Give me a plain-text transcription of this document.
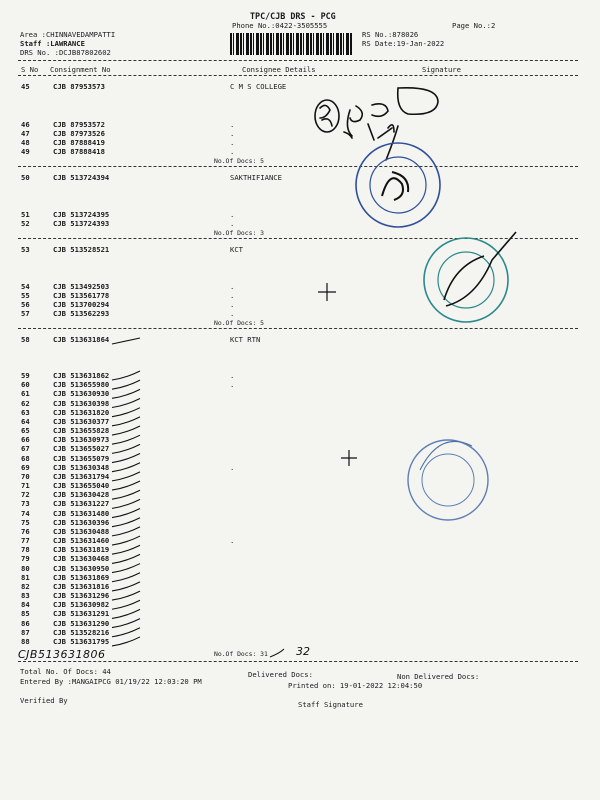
TPC/CJB DRS - PCG
Phone No.:0422-3505555	Page No.:2
Area :CHINNAVEDAMPATTI
Staff :LAWRANCE
DRS No. :DCJB87802602
RS No.:878026
RS Date:19-Jan-2022
S No Consignment No	Consignee Details	Signature
45	CJB 87953573	C M S COLLEGE
46	CJB 87953572	.
47	CJB 87973526	.
48	CJB 87888419	.
49	CJB 87888418	.
No.Of Docs: 5
50	CJB 513724394	SAKTHIFIANCE
51	CJB 513724395	.
52	CJB 513724393	.
No.Of Docs: 3
53	CJB 513528521	KCT
54	CJB 513492503	.
55	CJB 513561778	.
56	CJB 513700294	.
57	CJB 513562293	.
No.Of Docs: 5
58	CJB 513631864	KCT RTN
59	CJB 513631862	.
60	CJB 513655980	.
61	CJB 513630930
62	CJB 513630398
63	CJB 513631820
64	CJB 513630377
65	CJB 513655828
66	CJB 513630973
67	CJB 513655027
68	CJB 513655079
69	CJB 513630348	.
70	CJB 513631794
71	CJB 513655040
72	CJB 513630428
73	CJB 513631227
74	CJB 513631480
75	CJB 513630396
76	CJB 513630488
77	CJB 513631460	.
78	CJB 513631819
79	CJB 513630468
80	CJB 513630950
81	CJB 513631869
82	CJB 513631816
83	CJB 513631296
84	CJB 513630982
85	CJB 513631291
86	CJB 513631290
87	CJB 513528216
88	CJB 513631795
No.Of Docs: 31
Total No. Of Docs: 44	Delivered Docs:	Non Delivered Docs:
Entered By :MANGAIPCG 01/19/22 12:03:20 PM	Printed on: 19-01-2022 12:04:50
Verified By	Staff Signature
CJB513631806	32
